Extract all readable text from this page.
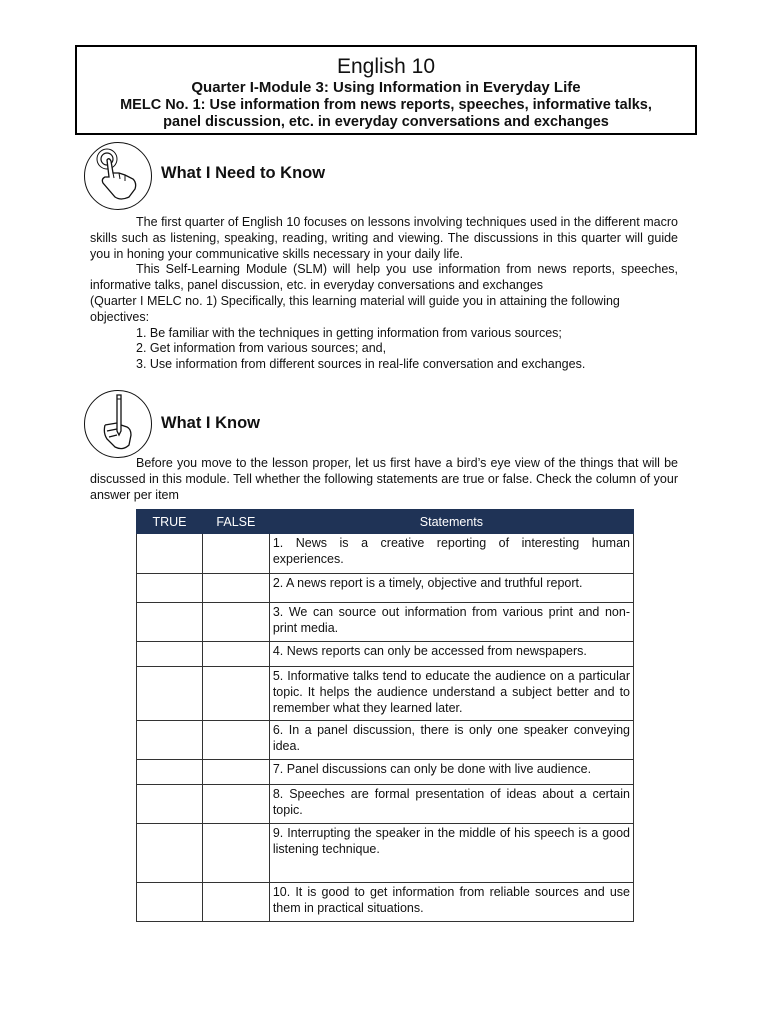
English 10
Quarter I-Module 3: Using Information in Everyday Life
MELC No. 1: Use information from news reports, speeches, informative talks,
panel discussion, etc. in everyday conversations and exchanges
What I Need to Know

The first quarter of English 10 focuses on lessons involving techniques used in the different macro skills such as listening, speaking, reading, writing and viewing. The discussions in this quarter will guide you in honing your communicative skills necessary in your daily life.

This Self-Learning Module (SLM) will help you use information from news reports, speeches, informative talks, panel discussion, etc. in everyday conversations and exchanges

(Quarter I MELC no. 1) Specifically, this learning material will guide you in attaining the following objectives:

1. Be familiar with the techniques in getting information from various sources;

2. Get information from various sources; and,

3. Use information from different sources in real-life conversation and exchanges.

What I Know

Before you move to the lesson proper, let us first have a bird’s eye view of the things that will be discussed in this module. Tell whether the following statements are true or false. Check the column of your answer per item

TRUE	FALSE	Statements
		1. News is a creative reporting of interesting human experiences.
		2. A news report is a timely, objective and truthful report.
		3. We can source out information from various print and non-print media.
		4. News reports can only be accessed from newspapers.
		5. Informative talks tend to educate the audience on a particular topic. It helps the audience understand a subject better and to remember what they learned later.
		6. In a panel discussion, there is only one speaker conveying idea.
		7. Panel discussions can only be done with live audience.
		8. Speeches are formal presentation of ideas about a certain topic.
		9. Interrupting the speaker in the middle of his speech is a good listening technique.
		10. It is good to get information from reliable sources and use them in practical situations.
